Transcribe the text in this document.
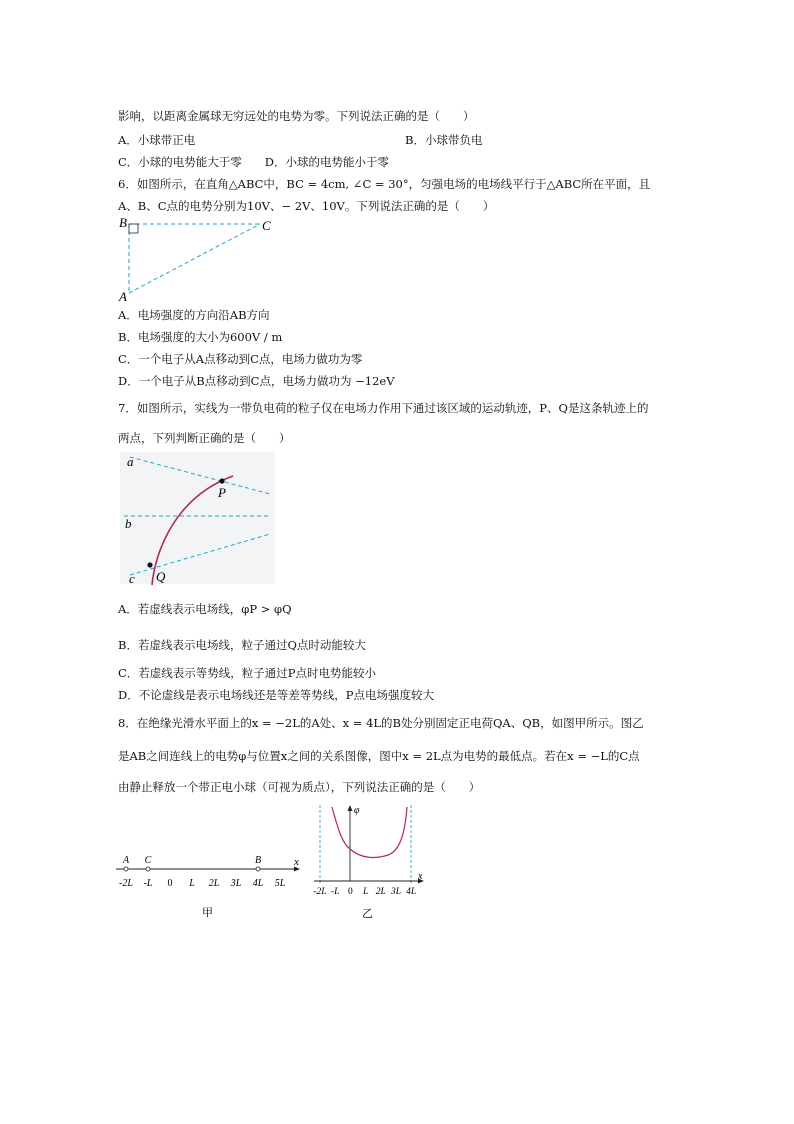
影响，以距离金属球无穷远处的电势为零。下列说法正确的是（　　）
A．小球带正电	B．小球带负电
C．小球的电势能大于零　　D．小球的电势能小于零
6．如图所示，在直角△ABC中，BC = 4cm, ∠C = 30°，匀强电场的电场线平行于△ABC所在平面，且
A、B、C点的电势分别为10V、− 2V、10V。下列说法正确的是（　　）
B	C
A
A．电场强度的方向沿AB方向
B．电场强度的大小为600V / m
C．一个电子从A点移动到C点，电场力做功为零
D．一个电子从B点移动到C点，电场力做功为 −12eV
7．如图所示，实线为一带负电荷的粒子仅在电场力作用下通过该区域的运动轨迹，P、Q是这条轨迹上的
两点，下列判断正确的是（　　）
a
b
c
P
Q
A．若虚线表示电场线，φP > φQ
B．若虚线表示电场线，粒子通过Q点时动能较大
C．若虚线表示等势线，粒子通过P点时电势能较小
D．不论虚线是表示电场线还是等差等势线，P点电场强度较大
8．在绝缘光滑水平面上的x = −2L的A处、x = 4L的B处分别固定正电荷QA、QB，如图甲所示。图乙
是AB之间连线上的电势φ与位置x之间的关系图像，图中x = 2L点为电势的最低点。若在x = −L的C点
由静止释放一个带正电小球（可视为质点），下列说法正确的是（　　）
-2L -L 0 L 2L 3L 4L 5L
A C	B	x
甲
-2L -L 0 L 2L 3L 4L
φ
x
乙
